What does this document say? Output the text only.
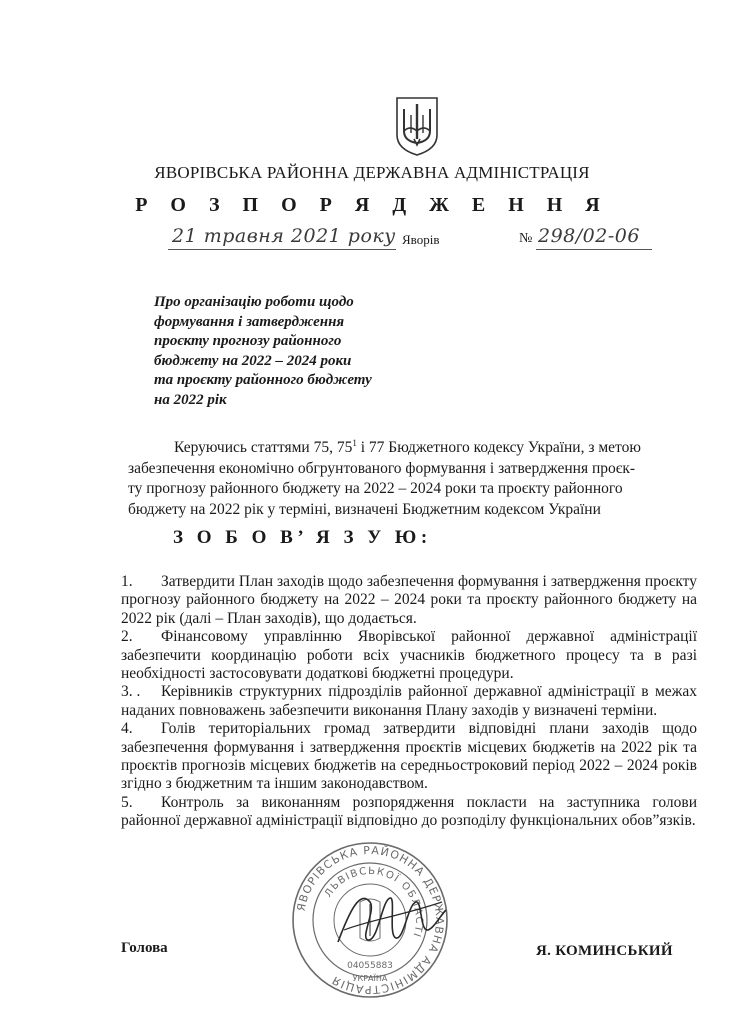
ЯВОРІВСЬКА РАЙОННА ДЕРЖАВНА АДМІНІСТРАЦІЯ
Р О З П О Р Я Д Ж Е Н Н Я
21 травня 2021 року Яворів	№ 298/02-06
Про організацію роботи щодо
формування і затвердження
проєкту прогнозу районного
бюджету на 2022 – 2024 роки
та проєкту районного бюджету
на 2022 рік
Керуючись статтями 75, $75^1$ і 77 Бюджетного кодексу України, з метою
забезпечення економічно обгрунтованого формування і затвердження проєк-
ту прогнозу районного бюджету на 2022 – 2024 роки та проєкту районного
бюджету на 2022 рік у терміні, визначені Бюджетним кодексом України
З О Б О В’ Я З У Ю:

1. Затвердити План заходів щодо забезпечення формування і затвердження проєкту прогнозу районного бюджету на 2022 – 2024 роки та проєкту районного бюджету на 2022 рік (далі – План заходів), що додається.

2. Фінансовому управлінню Яворівської районної державної адміністрації забезпечити координацію роботи всіх учасників бюджетного процесу та в разі необхідності застосовувати додаткові бюджетні процедури.

3. . Керівників структурних підрозділів районної державної адміністрації в межах наданих повноважень забезпечити виконання Плану заходів у визначені терміни.

4. Голів територіальних громад затвердити відповідні плани заходів щодо забезпечення формування і затвердження проєктів місцевих бюджетів на 2022 рік та проєктів прогнозів місцевих бюджетів на середньостроковий період 2022 – 2024 років згідно з бюджетним та іншим законодавством.

5. Контроль за виконанням розпорядження покласти на заступника голови районної державної адміністрації відповідно до розподілу функціональних обов”язків.

ЯВОРІВСЬКА РАЙОННА ДЕРЖАВНА АДМІНІСТРАЦІЯ
ЛЬВІВСЬКОЇ ОБЛАСТІ
04055883
УКРАЇНА
Голова	Я. КОМИНСЬКИЙ
